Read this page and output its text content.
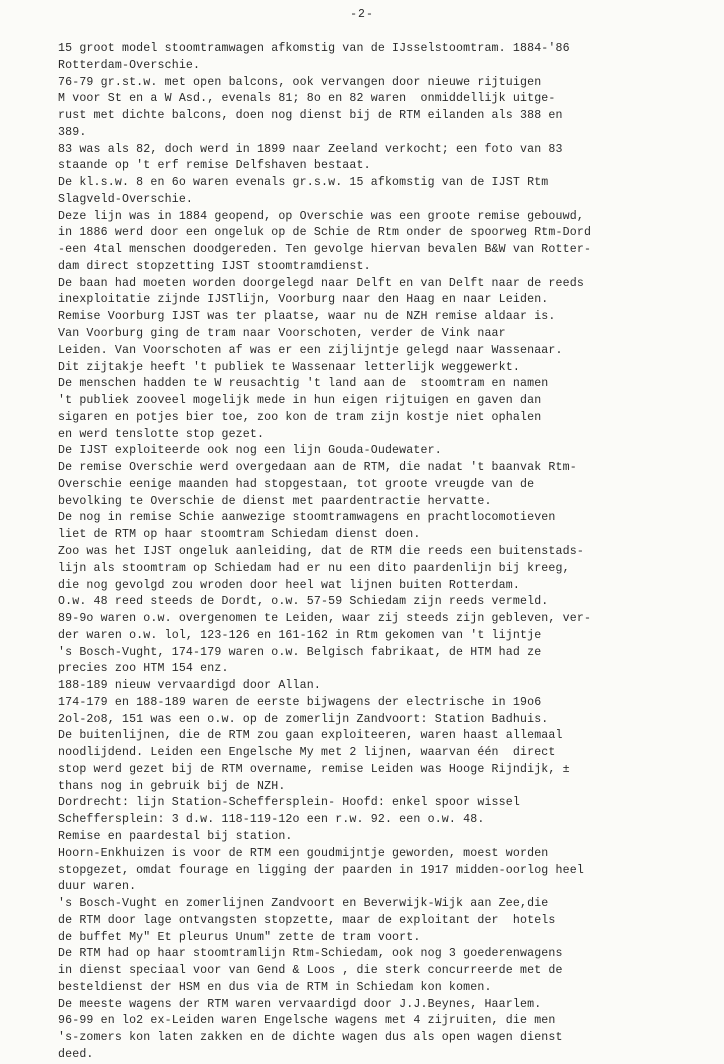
-2-
15 groot model stoomtramwagen afkomstig van de IJsselstoomtram. 1884-'86
Rotterdam-Overschie.
76-79 gr.st.w. met open balcons, ook vervangen door nieuwe rijtuigen
M voor St en a W Asd., evenals 81; 8o en 82 waren  onmiddellijk uitge-
rust met dichte balcons, doen nog dienst bij de RTM eilanden als 388 en
389.
83 was als 82, doch werd in 1899 naar Zeeland verkocht; een foto van 83
staande op 't erf remise Delfshaven bestaat.
De kl.s.w. 8 en 6o waren evenals gr.s.w. 15 afkomstig van de IJST Rtm
Slagveld-Overschie.
Deze lijn was in 1884 geopend, op Overschie was een groote remise gebouwd,
in 1886 werd door een ongeluk op de Schie de Rtm onder de spoorweg Rtm-Dord
-een 4tal menschen doodgereden. Ten gevolge hiervan bevalen B&W van Rotter-
dam direct stopzetting IJST stoomtramdienst.
De baan had moeten worden doorgelegd naar Delft en van Delft naar de reeds
inexploitatie zijnde IJSTlijn, Voorburg naar den Haag en naar Leiden.
Remise Voorburg IJST was ter plaatse, waar nu de NZH remise aldaar is.
Van Voorburg ging de tram naar Voorschoten, verder de Vink naar
Leiden. Van Voorschoten af was er een zijlijntje gelegd naar Wassenaar.
Dit zijtakje heeft 't publiek te Wassenaar letterlijk weggewerkt.
De menschen hadden te W reusachtig 't land aan de  stoomtram en namen
't publiek zooveel mogelijk mede in hun eigen rijtuigen en gaven dan
sigaren en potjes bier toe, zoo kon de tram zijn kostje niet ophalen
en werd tenslotte stop gezet.
De IJST exploiteerde ook nog een lijn Gouda-Oudewater.
De remise Overschie werd overgedaan aan de RTM, die nadat 't baanvak Rtm-
Overschie eenige maanden had stopgestaan, tot groote vreugde van de
bevolking te Overschie de dienst met paardentractie hervatte.
De nog in remise Schie aanwezige stoomtramwagens en prachtlocomotieven
liet de RTM op haar stoomtram Schiedam dienst doen.
Zoo was het IJST ongeluk aanleiding, dat de RTM die reeds een buitenstads-
lijn als stoomtram op Schiedam had er nu een dito paardenlijn bij kreeg,
die nog gevolgd zou wroden door heel wat lijnen buiten Rotterdam.
O.w. 48 reed steeds de Dordt, o.w. 57-59 Schiedam zijn reeds vermeld.
89-9o waren o.w. overgenomen te Leiden, waar zij steeds zijn gebleven, ver-
der waren o.w. lol, 123-126 en 161-162 in Rtm gekomen van 't lijntje
's Bosch-Vught, 174-179 waren o.w. Belgisch fabrikaat, de HTM had ze
precies zoo HTM 154 enz.
188-189 nieuw vervaardigd door Allan.
174-179 en 188-189 waren de eerste bijwagens der electrische in 19o6
2ol-2o8, 151 was een o.w. op de zomerlijn Zandvoort: Station Badhuis.
De buitenlijnen, die de RTM zou gaan exploiteeren, waren haast allemaal
noodlijdend. Leiden een Engelsche My met 2 lijnen, waarvan één  direct
stop werd gezet bij de RTM overname, remise Leiden was Hooge Rijndijk, ±
thans nog in gebruik bij de NZH.
Dordrecht: lijn Station-Scheffersplein- Hoofd: enkel spoor wissel
Scheffersplein: 3 d.w. 118-119-12o een r.w. 92. een o.w. 48.
Remise en paardestal bij station.
Hoorn-Enkhuizen is voor de RTM een goudmijntje geworden, moest worden
stopgezet, omdat fourage en ligging der paarden in 1917 midden-oorlog heel
duur waren.
's Bosch-Vught en zomerlijnen Zandvoort en Beverwijk-Wijk aan Zee,die
de RTM door lage ontvangsten stopzette, maar de exploitant der  hotels
de buffet My" Et pleurus Unum" zette de tram voort.
De RTM had op haar stoomtramlijn Rtm-Schiedam, ook nog 3 goederenwagens
in dienst speciaal voor van Gend & Loos , die sterk concurreerde met de
besteldienst der HSM en dus via de RTM in Schiedam kon komen.
De meeste wagens der RTM waren vervaardigd door J.J.Beynes, Haarlem.
96-99 en lo2 ex-Leiden waren Engelsche wagens met 4 zijruiten, die men
's-zomers kon laten zakken en de dichte wagen dus als open wagen dienst
deed.
